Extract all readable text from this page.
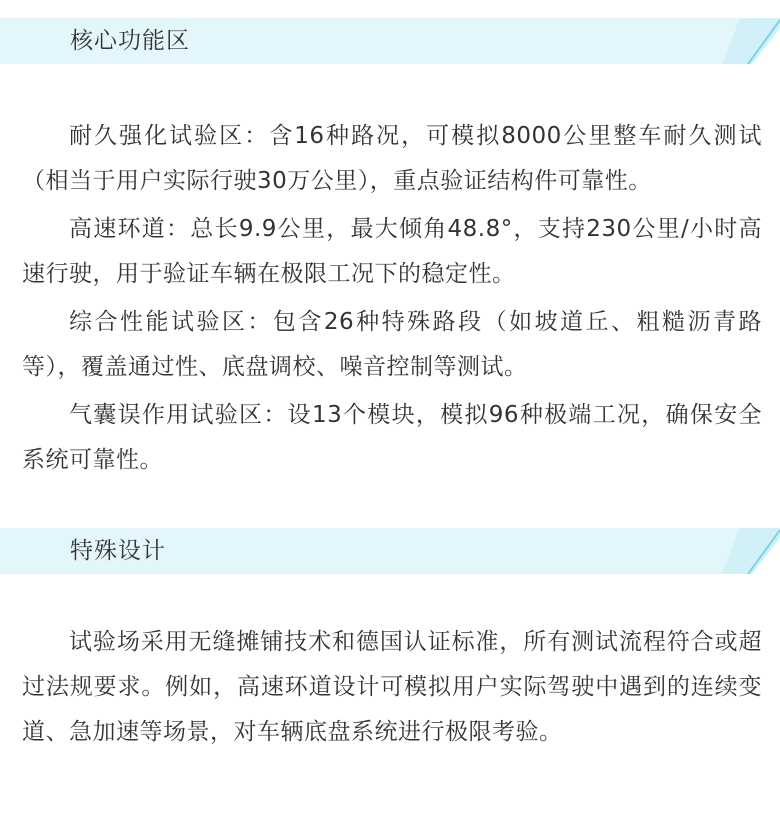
核心功能区

耐久强化试验区：含16种路况，可模拟8000公里整车耐久测试（相当于用户实际行驶30万公里），重点验证结构件可靠性。

高速环道：总长9.9公里，最大倾角48.8°，支持230公里/小时高速行驶，用于验证车辆在极限工况下的稳定性。

综合性能试验区：包含26种特殊路段（如坡道丘、粗糙沥青路等），覆盖通过性、底盘调校、噪音控制等测试。

气囊误作用试验区：设13个模块，模拟96种极端工况，确保安全系统可靠性。

特殊设计

试验场采用无缝摊铺技术和德国认证标准，所有测试流程符合或超过法规要求。例如，高速环道设计可模拟用户实际驾驶中遇到的连续变道、急加速等场景，对车辆底盘系统进行极限考验。
